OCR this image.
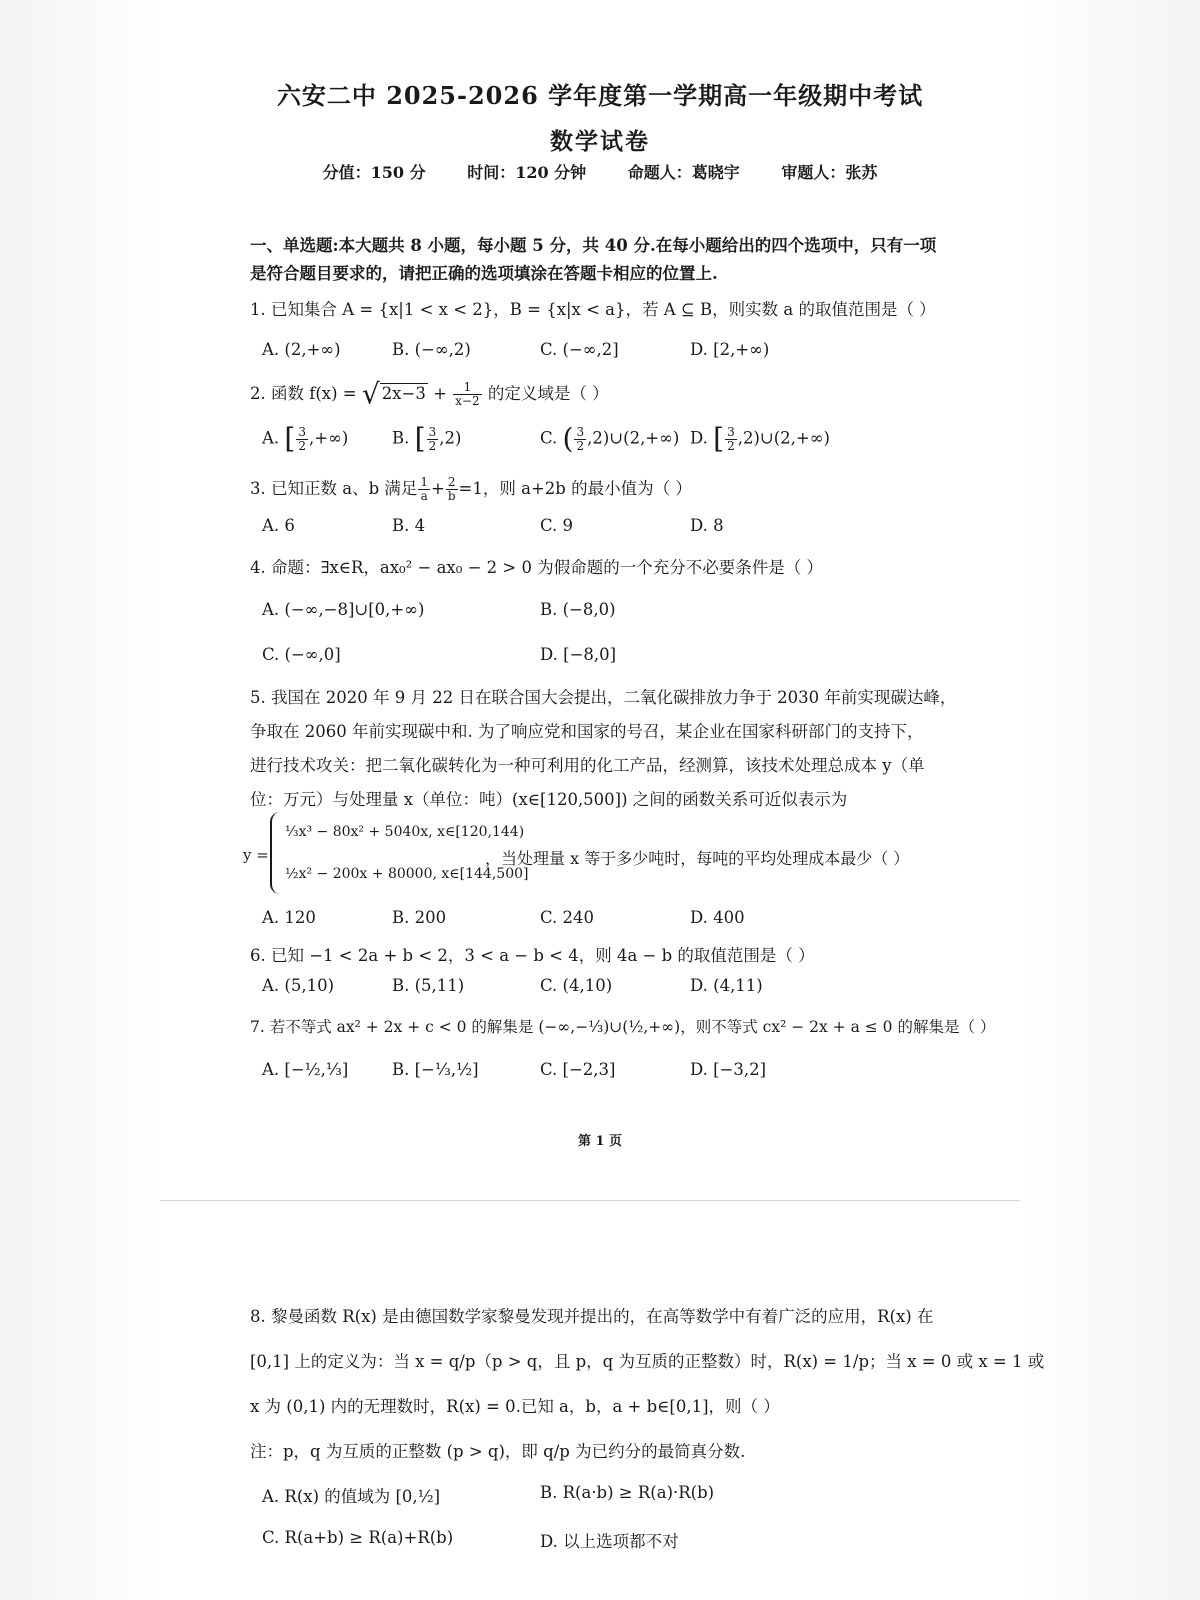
六安二中 2025-2026 学年度第一学期高一年级期中考试
数学试卷
分值：150 分	时间：120 分钟	命题人：葛晓宇	审题人：张苏
一、单选题:本大题共 8 小题，每小题 5 分，共 40 分.在每小题给出的四个选项中，只有一项
是符合题目要求的，请把正确的选项填涂在答题卡相应的位置上.
1. 已知集合 A = {x|1 < x < 2}，B = {x|x < a}，若 A ⊆ B，则实数 a 的取值范围是（ ）
A. (2,+∞)	B. (−∞,2)	C. (−∞,2]	D. [2,+∞)
2. 函数 f(x) = √ $2x-3 + \frac{1}{x-2}$ 的定义域是（ ）
A. [ $\frac{3}{2}$ ,+∞)	B. [ $\frac{3}{2} ,2$)	C. ( $\frac{3}{2}$ ,2)∪(2,+∞) D. [ $\frac{3}{2}$ ,2)∪(2,+∞)
3. 已知正数 a、b 满足 $\frac{1}{a} + \frac{2}{b} =1$，则 a+2b 的最小值为（ ）
A. 6	B. 4	C. 9	D. 8
4. 命题：∃x∈R，ax₀² − ax₀ − 2 > 0 为假命题的一个充分不必要条件是（ ）
A. (−∞,−8]∪[0,+∞)	B. (−8,0)
C. (−∞,0]	D. [−8,0]
5. 我国在 2020 年 9 月 22 日在联合国大会提出，二氧化碳排放力争于 2030 年前实现碳达峰，
争取在 2060 年前实现碳中和. 为了响应党和国家的号召，某企业在国家科研部门的支持下，
进行技术攻关：把二氧化碳转化为一种可利用的化工产品，经测算，该技术处理总成本 y（单
位：万元）与处理量 x（单位：吨）(x∈[120,500]) 之间的函数关系可近似表示为
y =
⅓x³ − 80x² + 5040x, x∈[120,144)
½x² − 200x + 80000, x∈[144,500]
，当处理量 x 等于多少吨时，每吨的平均处理成本最少（ ）
A. 120	B. 200	C. 240	D. 400
6. 已知 −1 < 2a + b < 2，3 < a − b < 4，则 4a − b 的取值范围是（ ）
A. (5,10)	B. (5,11)	C. (4,10)	D. (4,11)
7. 若不等式 ax² + 2x + c < 0 的解集是 (−∞,−⅓)∪(½,+∞)，则不等式 cx² − 2x + a ≤ 0 的解集是（ ）
A. [−½,⅓]	B. [−⅓,½]	C. [−2,3]	D. [−3,2]
第 1 页
8. 黎曼函数 R(x) 是由德国数学家黎曼发现并提出的，在高等数学中有着广泛的应用，R(x) 在
[0,1] 上的定义为：当 x = q/p（p > q，且 p，q 为互质的正整数）时，R(x) = 1/p；当 x = 0 或 x = 1 或
x 为 (0,1) 内的无理数时，R(x) = 0.已知 a，b，a + b∈[0,1]，则（ ）
注：p，q 为互质的正整数 (p > q)，即 q/p 为已约分的最简真分数.
A. R(x) 的值域为 [0,½]	B. R(a·b) ≥ R(a)·R(b)
C. R(a+b) ≥ R(a)+R(b)	D. 以上选项都不对
